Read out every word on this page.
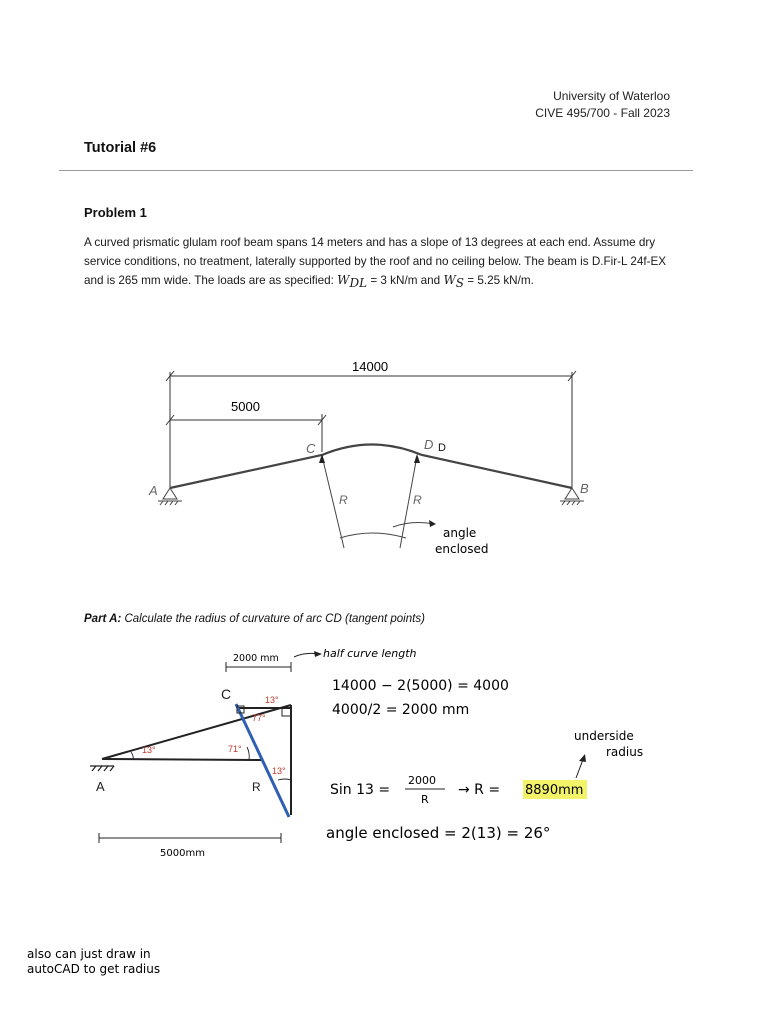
University of Waterloo
CIVE 495/700 - Fall 2023
Tutorial #6
Problem 1
A curved prismatic glulam roof beam spans 14 meters and has a slope of 13 degrees at each end. Assume dry service conditions, no treatment, laterally supported by the roof and no ceiling below. The beam is D.Fir-L 24f-EX and is 265 mm wide. The loads are as specified: $W_{DL} = 3$ kN/m and $W_S = 5.25$ kN/m.
14000
5000
A	B
C	D D
R	R
angle
enclosed
Part A: Calculate the radius of curvature of arc CD (tangent points)
2000 mm	half curve length
C
A	R
13°	71°
77°
13°
13°
5000mm
14000 − 2(5000) = 4000
4000/2 = 2000 mm
Sin 13 =
2000
R
→ R = 8890mm
underside
radius
angle enclosed = 2(13) = 26°
also can just draw in
autoCAD to get radius
